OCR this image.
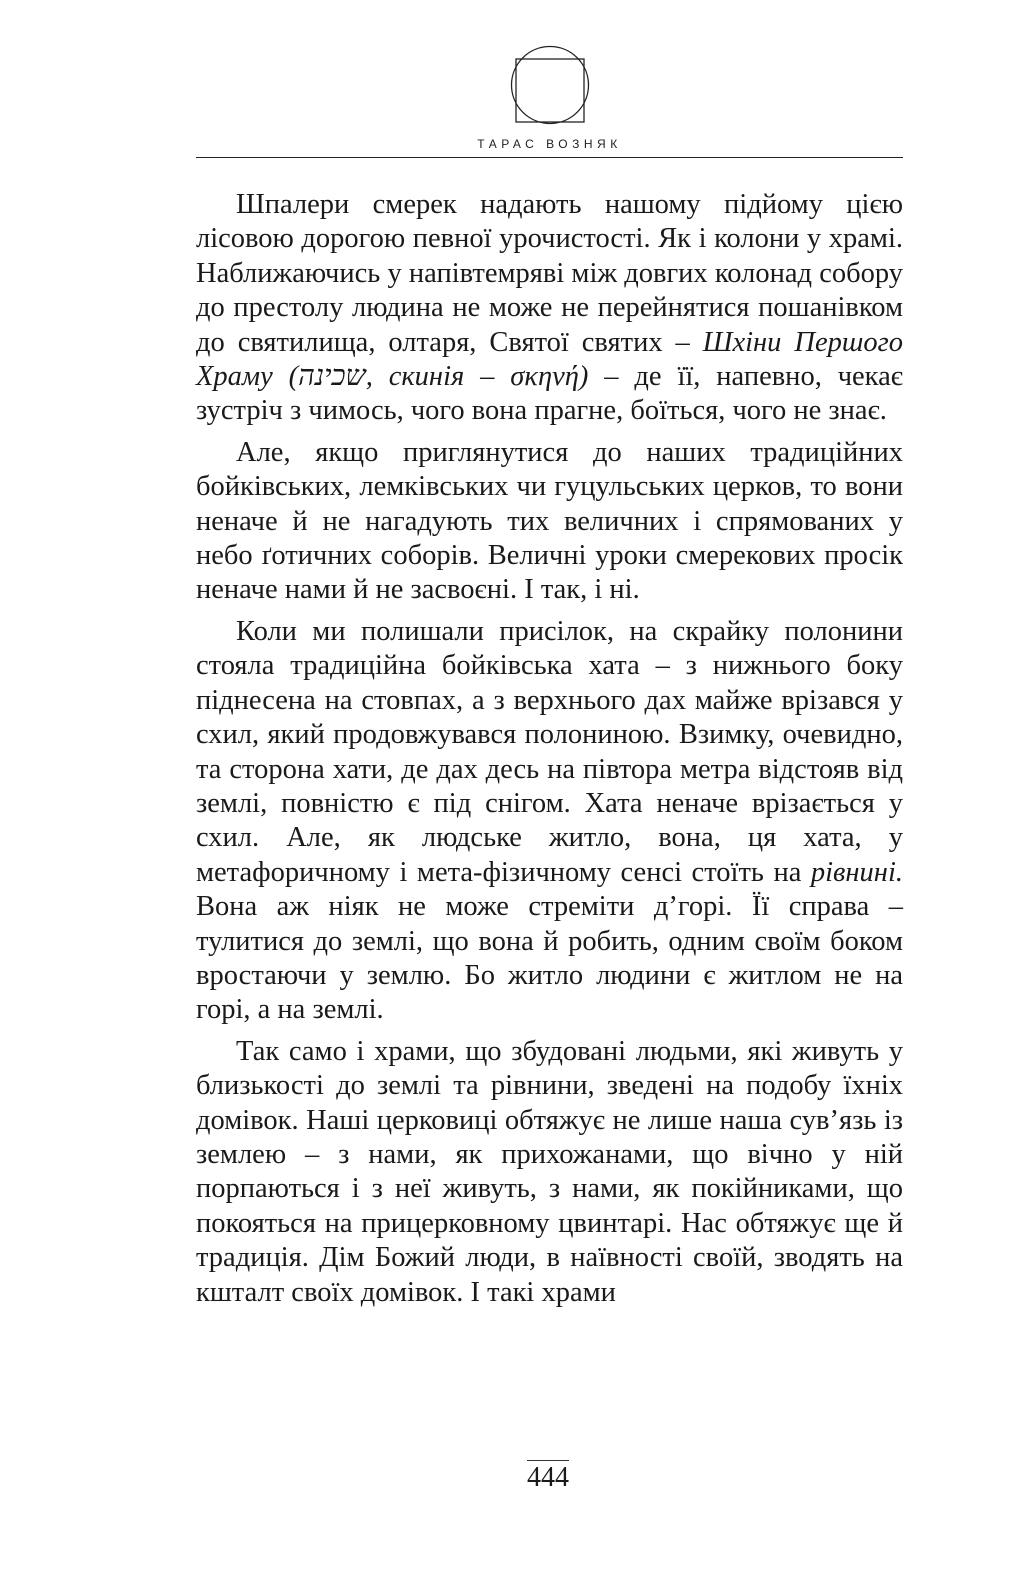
ТАРАС ВОЗНЯК

Шпалери смерек надають нашому підйому цією лісовою дорогою певної урочистості. Як і колони у храмі. Наближаючись у напівтемряві між довгих колонад собору до престолу людина не може не перейнятися пошанівком до святилища, олтаря, Святої святих – Шхіни Першого Храму (שכינה, скинія – σκηνή) – де її, напевно, чекає зустріч з чимось, чого вона прагне, боїться, чого не знає.

Але, якщо приглянутися до наших традиційних бойківських, лемківських чи гуцульських церков, то вони неначе й не нагадують тих величних і спрямованих у небо ґотичних соборів. Величні уроки смерекових просік неначе нами й не засвоєні. І так, і ні.

Коли ми полишали присілок, на скрайку полонини стояла традиційна бойківська хата – з нижнього боку піднесена на стовпах, а з верхнього дах майже врізався у схил, який продовжувався полониною. Взимку, очевидно, та сторона хати, де дах десь на півтора метра відстояв від землі, повністю є під снігом. Хата неначе врізається у схил. Але, як людське житло, вона, ця хата, у метафоричному і мета-фізичному сенсі стоїть на рівнині. Вона аж ніяк не може стреміти д’горі. Її справа – тулитися до землі, що вона й робить, одним своїм боком вростаючи у землю. Бо житло людини є житлом не на горі, а на землі.

Так само і храми, що збудовані людьми, які живуть у близькості до землі та рівнини, зведені на подобу їхніх домівок. Наші церковиці обтяжує не лише наша сув’язь із землею – з нами, як прихожанами, що вічно у ній порпаються і з неї живуть, з нами, як покійниками, що покояться на прицерковному цвинтарі. Нас обтяжує ще й традиція. Дім Божий люди, в наївності своїй, зводять на кшталт своїх домівок. І такі храми

444
